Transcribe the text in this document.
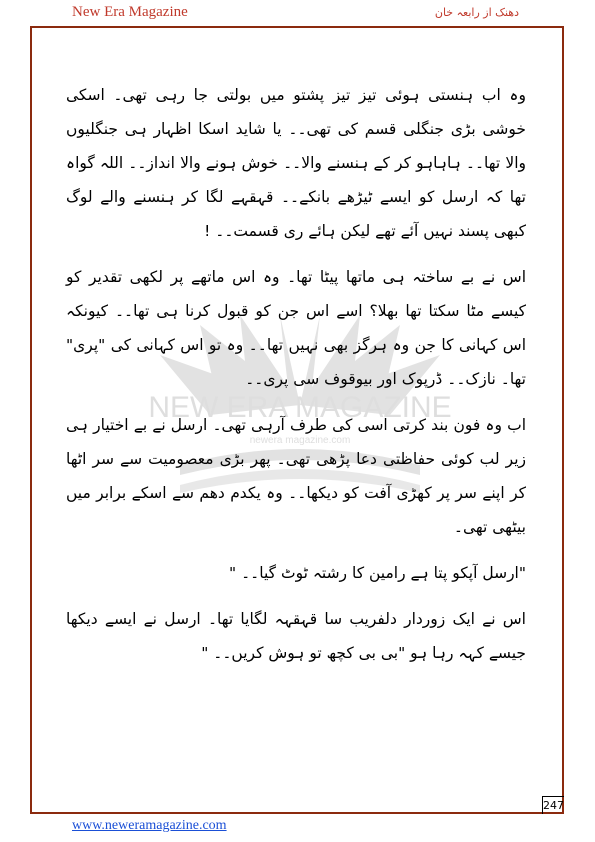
New Era Magazine	دھنک از رابعہ خان
NEW ERA MAGAZINE
newera magazine.com

وہ اب ہنستی ہوئی تیز تیز پشتو میں بولتی جا رہی تھی۔ اسکی خوشی بڑی جنگلی قسم کی تھی۔۔ یا شاید اسکا اظہار ہی جنگلیوں والا تھا۔۔ ہاہاہو کر کے ہنسنے والا۔۔ خوش ہونے والا انداز۔۔ اللہ گواہ تھا کہ ارسل کو ایسے ٹیڑھے بانکے۔۔ قہقہے لگا کر ہنسنے والے لوگ کبھی پسند نہیں آئے تھے لیکن ہائے ری قسمت۔۔ !

اس نے بے ساختہ ہی ماتھا پیٹا تھا۔ وہ اس ماتھے پر لکھی تقدیر کو کیسے مٹا سکتا تھا بھلا؟ اسے اس جن کو قبول کرنا ہی تھا۔۔ کیونکہ اس کہانی کا جن وہ ہرگز بھی نہیں تھا۔۔ وہ تو اس کہانی کی "پری" تھا۔ نازک۔۔ ڈرپوک اور بیوقوف سی پری۔۔

اب وہ فون بند کرتی اسی کی طرف آرہی تھی۔ ارسل نے بے اختیار ہی زیر لب کوئی حفاظتی دعا پڑھی تھی۔ پھر بڑی معصومیت سے سر اٹھا کر اپنے سر پر کھڑی آفت کو دیکھا۔۔ وہ یکدم دھم سے اسکے برابر میں بیٹھی تھی۔

"ارسل آپکو پتا ہے رامین کا رشتہ ٹوٹ گیا۔۔ "

اس نے ایک زوردار دلفریب سا قہقہہ لگایا تھا۔ ارسل نے ایسے دیکھا جیسے کہہ رہا ہو "بی بی کچھ تو ہوش کریں۔۔ "

247
www.neweramagazine.com
